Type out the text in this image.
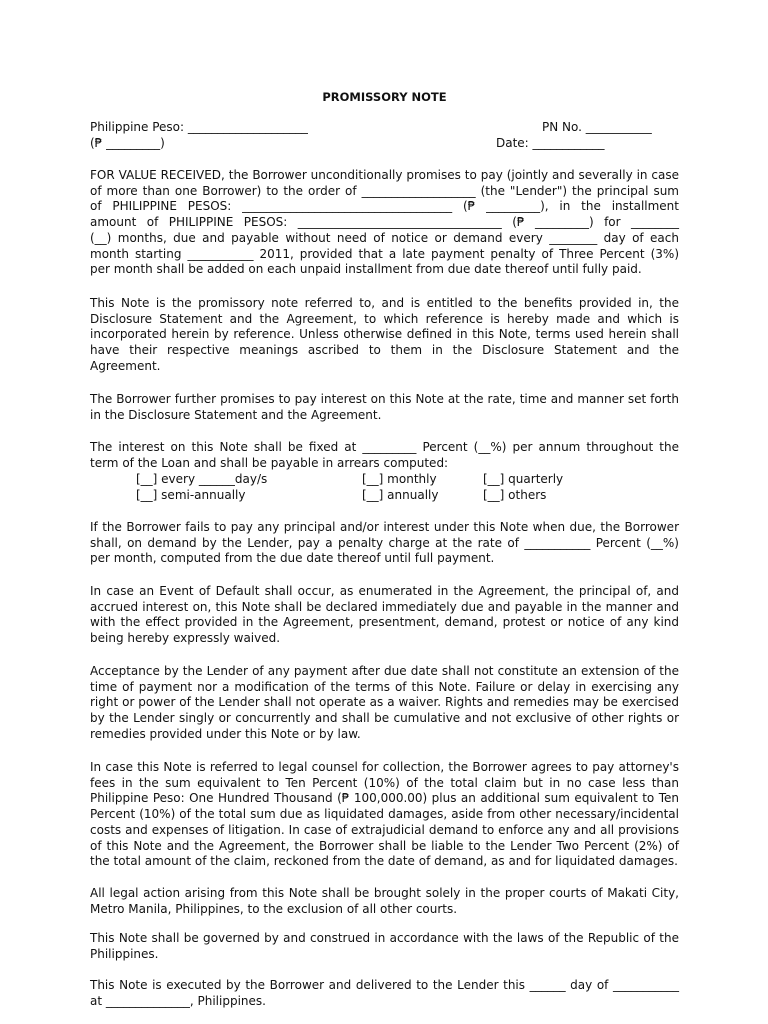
PROMISSORY NOTE
Philippine Peso: ____________________	PN No. ___________
(₱ _________)	Date: ____________
FOR VALUE RECEIVED, the Borrower unconditionally promises to pay (jointly and severally in case
of more than one Borrower) to the order of ___________________ (the "Lender") the principal sum
of  PHILIPPINE  PESOS:  ___________________________________  (₱  _________),  in  the  installment
amount of PHILIPPINE PESOS: __________________________________ (₱ _________) for ________
(__) months, due and payable without need of notice or demand every ________ day of each
month starting ___________ 2011, provided that a late payment penalty of Three Percent (3%)
per month shall be added on each unpaid installment from due date thereof until fully paid.
This Note is the promissory note referred to, and is entitled to the benefits provided in, the
Disclosure Statement and the Agreement, to which reference is hereby made and which is
incorporated herein by reference. Unless otherwise defined in this Note, terms used herein shall
have their respective meanings ascribed to them in the Disclosure Statement and the
Agreement.
The Borrower further promises to pay interest on this Note at the rate, time and manner set forth
in the Disclosure Statement and the Agreement.
The interest on this Note shall be fixed at _________ Percent (__%) per annum throughout the
term of the Loan and shall be payable in arrears computed:
[__] every ______day/s	[__] monthly	[__] quarterly
[__] semi-annually	[__] annually	[__] others
If the Borrower fails to pay any principal and/or interest under this Note when due, the Borrower
shall, on demand by the Lender, pay a penalty charge at the rate of ___________ Percent (__%)
per month, computed from the due date thereof until full payment.
In case an Event of Default shall occur, as enumerated in the Agreement, the principal of, and
accrued interest on, this Note shall be declared immediately due and payable in the manner and
with the effect provided in the Agreement, presentment, demand, protest or notice of any kind
being hereby expressly waived.
Acceptance by the Lender of any payment after due date shall not constitute an extension of the
time of payment nor a modification of the terms of this Note. Failure or delay in exercising any
right or power of the Lender shall not operate as a waiver. Rights and remedies may be exercised
by the Lender singly or concurrently and shall be cumulative and not exclusive of other rights or
remedies provided under this Note or by law.
In case this Note is referred to legal counsel for collection, the Borrower agrees to pay attorney's
fees in the sum equivalent to Ten Percent (10%) of the total claim but in no case less than
Philippine Peso: One Hundred Thousand (₱ 100,000.00) plus an additional sum equivalent to Ten
Percent (10%) of the total sum due as liquidated damages, aside from other necessary/incidental
costs and expenses of litigation. In case of extrajudicial demand to enforce any and all provisions
of this Note and the Agreement, the Borrower shall be liable to the Lender Two Percent (2%) of
the total amount of the claim, reckoned from the date of demand, as and for liquidated damages.
All legal action arising from this Note shall be brought solely in the proper courts of Makati City,
Metro Manila, Philippines, to the exclusion of all other courts.
This Note shall be governed by and construed in accordance with the laws of the Republic of the
Philippines.
This Note is executed by the Borrower and delivered to the Lender this ______ day of ___________
at ______________, Philippines.
